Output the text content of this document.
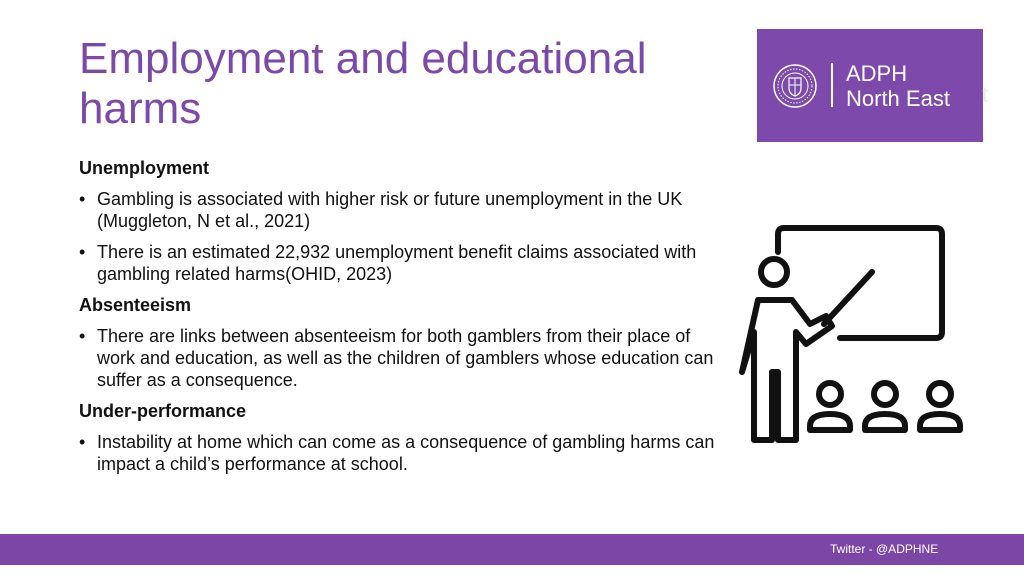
Employment and educational harms
ADPH
North East t

Unemployment

• Gambling is associated with higher risk or future unemployment in the UK (Muggleton, N et al., 2021)
• There is an estimated 22,932 unemployment benefit claims associated with gambling related harms(OHID, 2023)

Absenteeism

• There are links between absenteeism for both gamblers from their place of work and education, as well as the children of gamblers whose education can suffer as a consequence.

Under-performance

• Instability at home which can come as a consequence of gambling harms can impact a child’s performance at school.
Twitter - @ADPHNE
